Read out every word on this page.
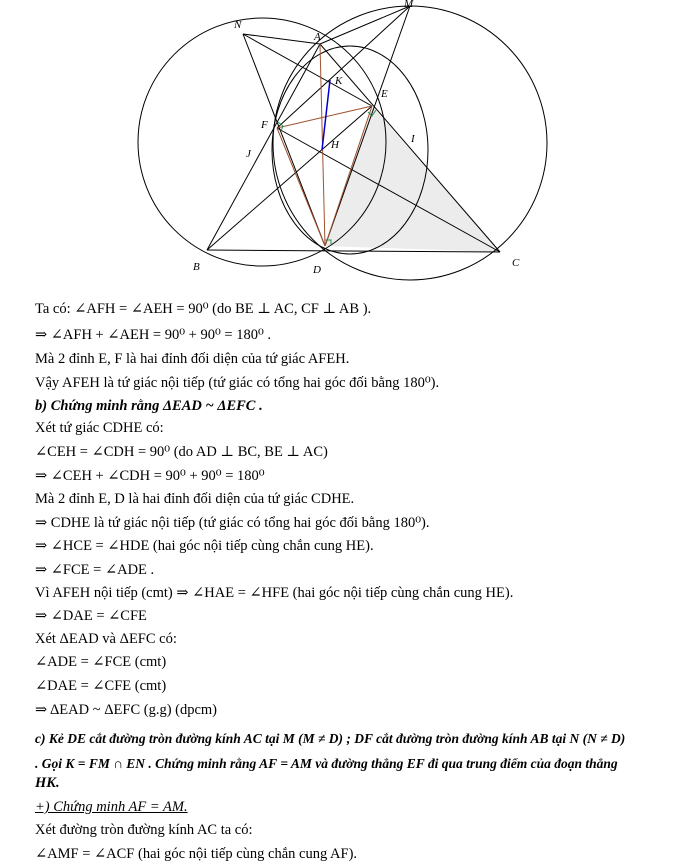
N
M
A
K
E
F
I
H
J
B	D
C
Ta có: ∠AFH = ∠AEH = 90⁰ (do BE ⊥ AC, CF ⊥ AB ).
⇒ ∠AFH + ∠AEH = 90⁰ + 90⁰ = 180⁰ .
Mà 2 đỉnh E, F là hai đỉnh đối diện của tứ giác AFEH.
Vậy AFEH là tứ giác nội tiếp (tứ giác có tổng hai góc đối bằng 180⁰).
b) Chứng minh rằng ΔEAD ~ ΔEFC .
Xét tứ giác CDHE có:
∠CEH = ∠CDH = 90⁰ (do AD ⊥ BC, BE ⊥ AC)
⇒ ∠CEH + ∠CDH = 90⁰ + 90⁰ = 180⁰
Mà 2 đỉnh E, D là hai đỉnh đối diện của tứ giác CDHE.
⇒ CDHE là tứ giác nội tiếp (tứ giác có tổng hai góc đối bằng 180⁰).
⇒ ∠HCE = ∠HDE (hai góc nội tiếp cùng chắn cung HE).
⇒ ∠FCE = ∠ADE .
Vì AFEH nội tiếp (cmt) ⇒ ∠HAE = ∠HFE (hai góc nội tiếp cùng chắn cung HE).
⇒ ∠DAE = ∠CFE
Xét ΔEAD và ΔEFC có:
∠ADE = ∠FCE (cmt)
∠DAE = ∠CFE (cmt)
⇒ ΔEAD ~ ΔEFC (g.g) (dpcm)
c) Kẻ DE cắt đường tròn đường kính AC tại M (M ≠ D) ; DF cắt đường tròn đường kính AB tại N (N ≠ D)
. Gọi K = FM ∩ EN . Chứng minh rằng AF = AM và đường thẳng EF đi qua trung điểm của đoạn thẳng
HK.
+) Chứng minh AF = AM.
Xét đường tròn đường kính AC ta có:
∠AMF = ∠ACF (hai góc nội tiếp cùng chắn cung AF).
